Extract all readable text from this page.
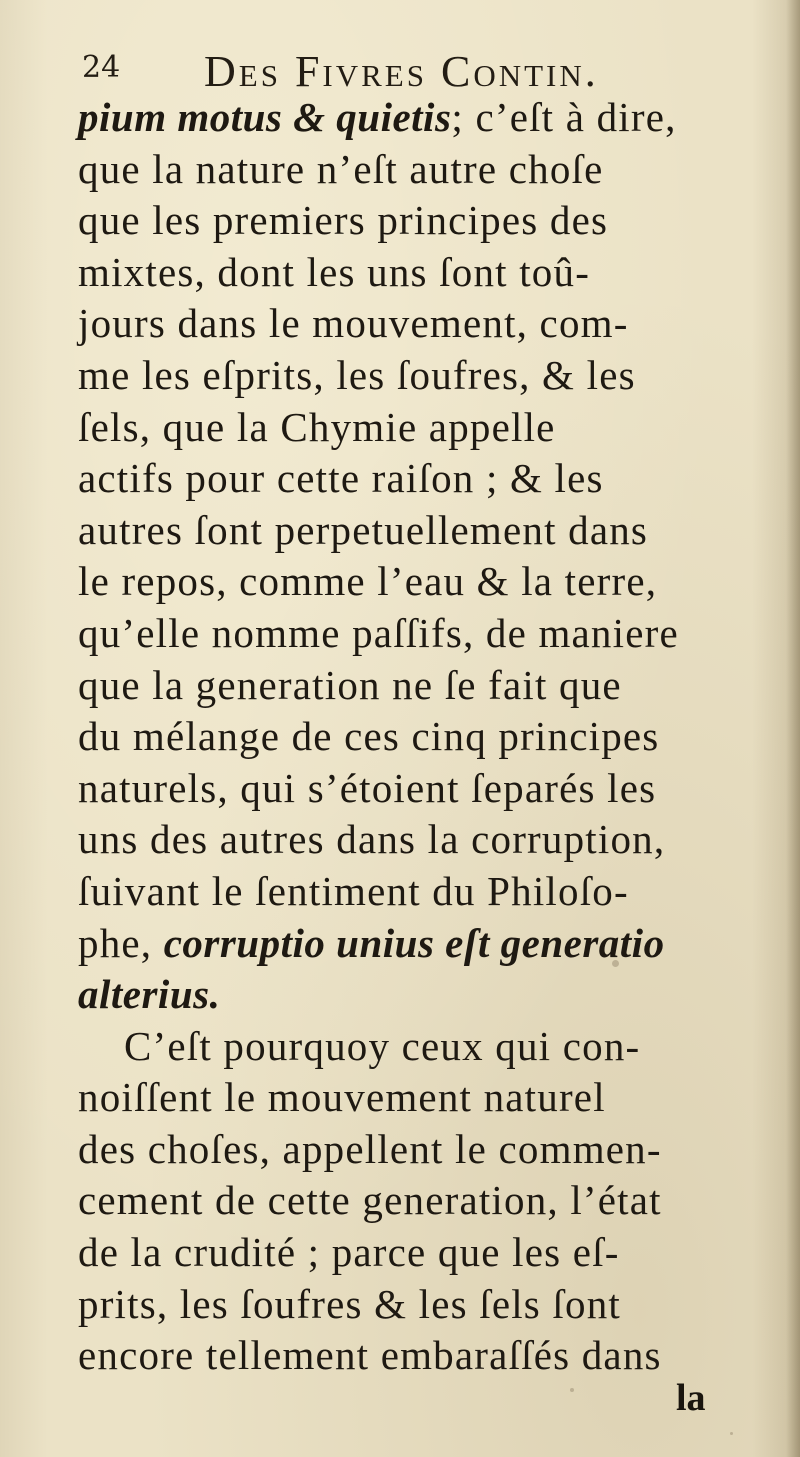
24 Des Fivres Contin.
pium motus & quietis; c’eſt à dire,
que la nature n’eſt autre choſe
que les premiers principes des
mixtes, dont les uns ſont toû-
jours dans le mouvement, com-
me les eſprits, les ſoufres, & les
ſels, que la Chymie appelle
actifs pour cette raiſon ; & les
autres ſont perpetuellement dans
le repos, comme l’eau & la terre,
qu’elle nomme paſſifs, de maniere
que la generation ne ſe fait que
du mélange de ces cinq principes
naturels, qui s’étoient ſeparés les
uns des autres dans la corruption,
ſuivant le ſentiment du Philoſo-
phe, corruptio unius eſt generatio
alterius.
C’eſt pourquoy ceux qui con-
noiſſent le mouvement naturel
des choſes, appellent le commen-
cement de cette generation, l’état
de la crudité ; parce que les eſ-
prits, les ſoufres & les ſels ſont
encore tellement embaraſſés dans
la
